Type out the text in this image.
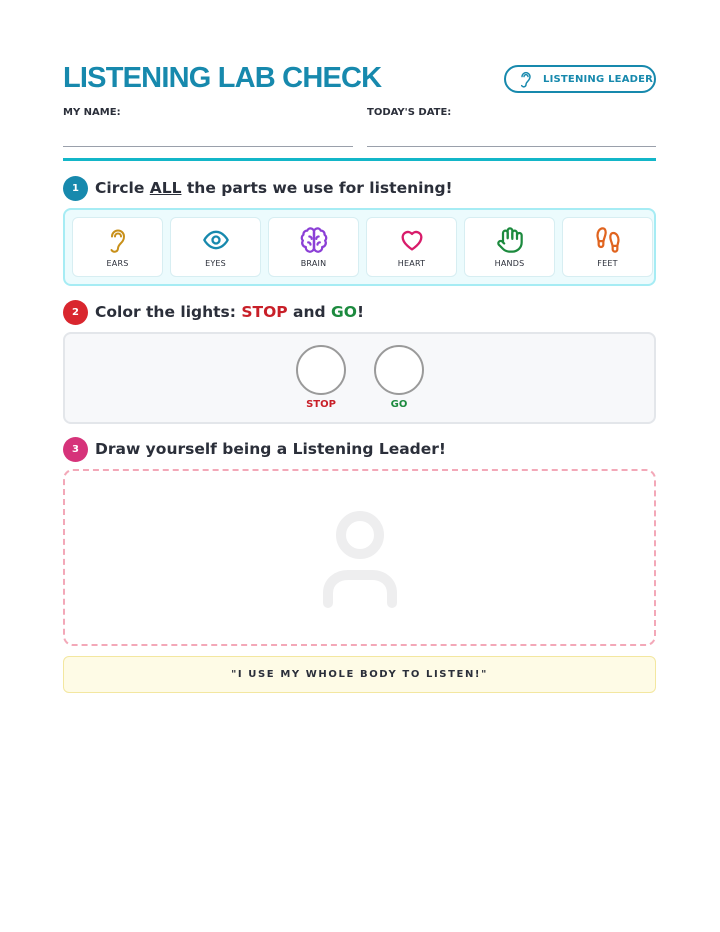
LISTENING LAB CHECK	LISTENING LEADER
MY NAME:	TODAY'S DATE:
1	Circle ALL the parts we use for listening!
EARS	EYES	BRAIN	HEART	HANDS	FEET
2	Color the lights: STOP and GO!
STOP	GO
3	Draw yourself being a Listening Leader!
"I USE MY WHOLE BODY TO LISTEN!"
